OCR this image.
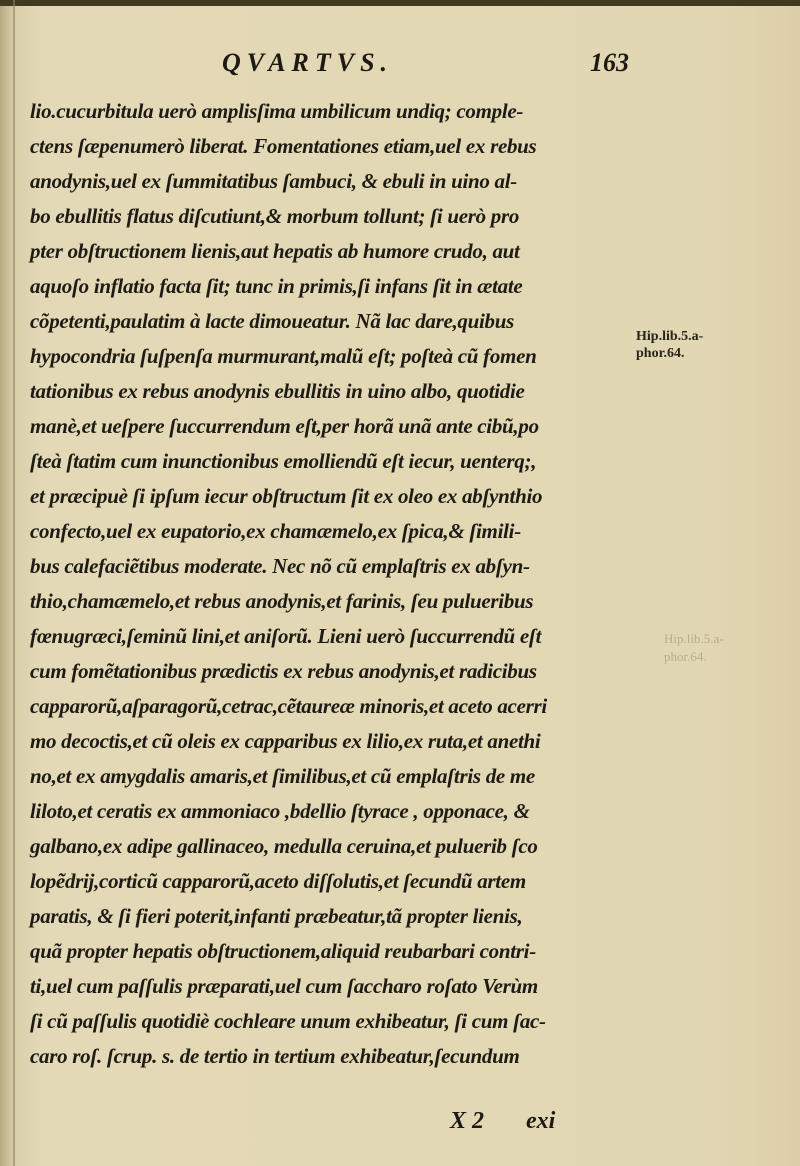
QVARTVS.	163
lio.cucurbitula uerò amplisſima umbilicum undiq; comple-
ctens ſæpenumerò liberat. Fomentationes etiam,uel ex rebus
anodynis,uel ex ſummitatibus ſambuci, & ebuli in uino al-
bo ebullitis flatus diſcutiunt,& morbum tollunt; ſi uerò pro
pter obſtructionem lienis,aut hepatis ab humore crudo, aut
aquoſo inflatio facta ſit; tunc in primis,ſi infans ſit in ætate
cõpetenti,paulatim à lacte dimoueatur. Nã lac dare,quibus
hypocondria ſuſpenſa murmurant,malũ eſt; poſteà cũ fomen
tationibus ex rebus anodynis ebullitis in uino albo, quotidie
manè,et ueſpere ſuccurrendum eſt,per horã unã ante cibũ,po
ſteà ſtatim cum inunctionibus emolliendũ eſt iecur, uenterq;,
et præcipuè ſi ipſum iecur obſtructum ſit ex oleo ex abſynthio
confecto,uel ex eupatorio,ex chamæmelo,ex ſpica,& ſimili-
bus calefaciẽtibus moderate. Nec nõ cũ emplaſtris ex abſyn-
thio,chamæmelo,et rebus anodynis,et farinis, ſeu pulueribus
fœnugræci,ſeminũ lini,et aniſorũ. Lieni uerò ſuccurrendũ eſt
cum fomẽtationibus prædictis ex rebus anodynis,et radicibus
capparorũ,aſparagorũ,cetrac,cẽtaureæ minoris,et aceto acerri
mo decoctis,et cũ oleis ex capparibus ex lilio,ex ruta,et anethi
no,et ex amygdalis amaris,et ſimilibus,et cũ emplaſtris de me
liloto,et ceratis ex ammoniaco ,bdellio ſtyrace , opponace, &
galbano,ex adipe gallinaceo, medulla ceruina,et puluerib ſco
lopẽdrij,corticũ capparorũ,aceto diſſolutis,et ſecundũ artem
paratis, & ſi fieri poterit,infanti præbeatur,tã propter lienis,
quã propter hepatis obſtructionem,aliquid reubarbari contri-
ti,uel cum paſſulis præparati,uel cum ſaccharo roſato Verùm
ſi cũ paſſulis quotidiè cochleare unum exhibeatur, ſi cum ſac-
caro roſ. ſcrup. s. de tertio in tertium exhibeatur,ſecundum
Hip.lib.5.a-
phor.64.
Hip.lib.5.a-
phor.64.
X 2 exi
